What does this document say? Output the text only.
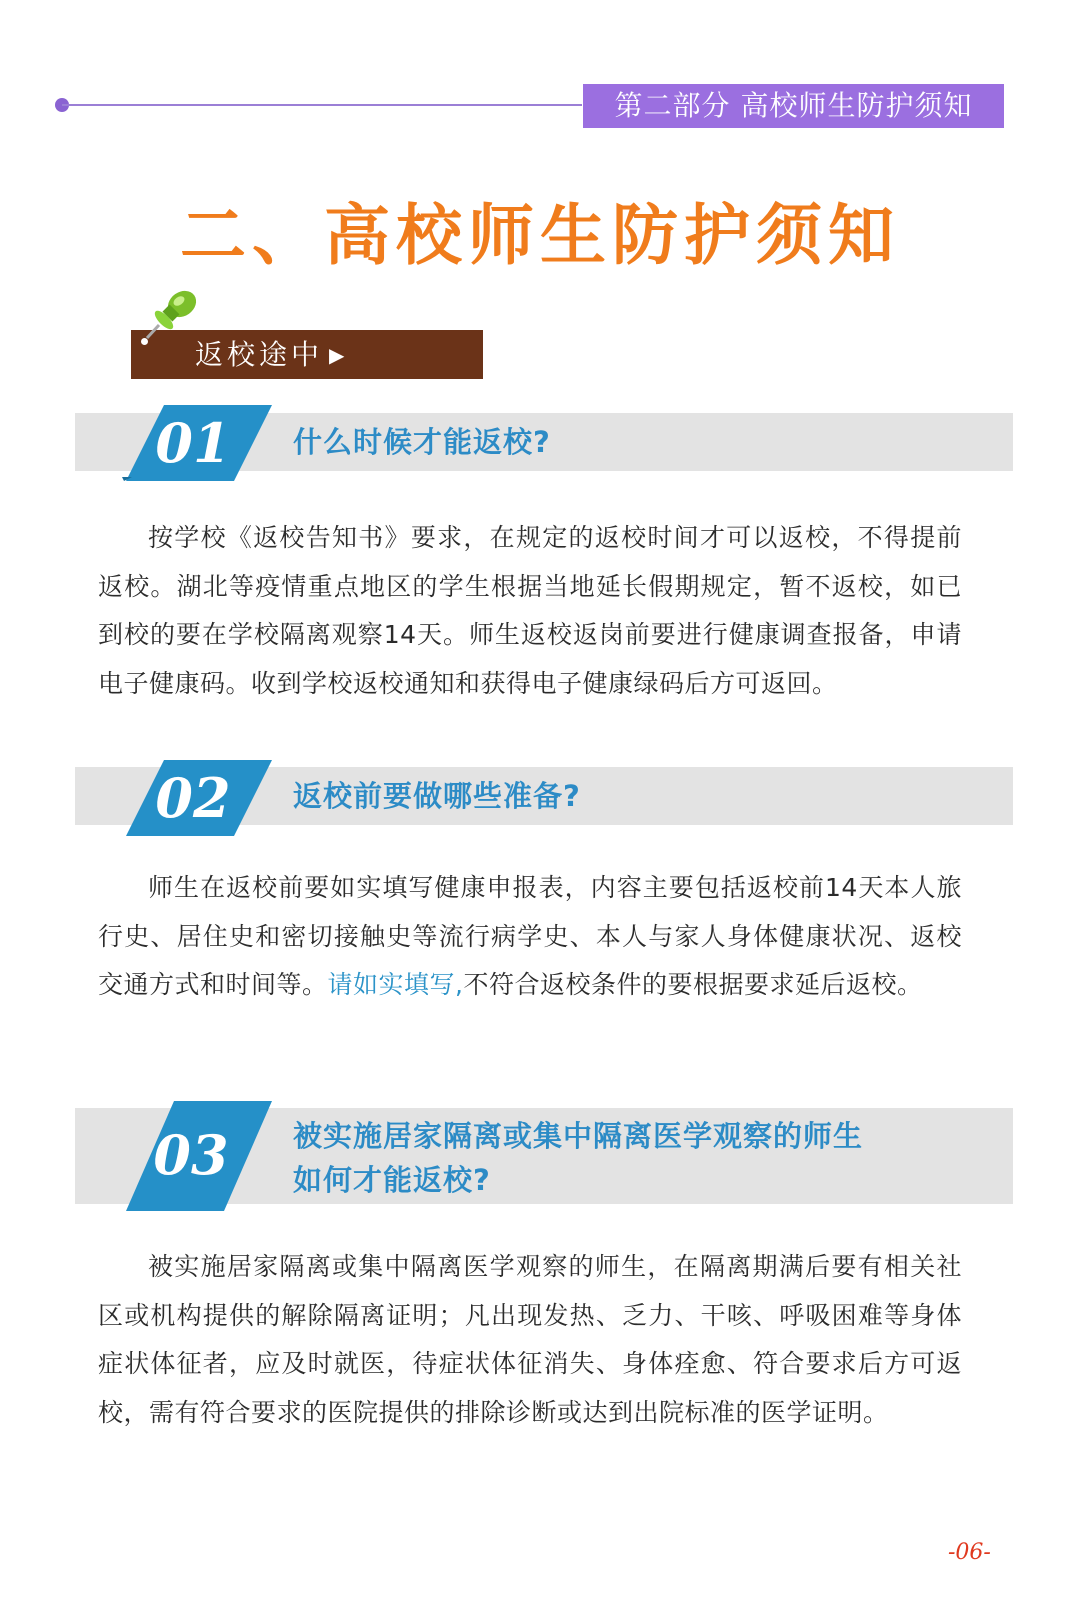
第二部分 高校师生防护须知
二、高校师生防护须知
返校途中 ▶
01	什么时候才能返校?
按学校《返校告知书》要求，在规定的返校时间才可以返校，不得提前返校。湖北等疫情重点地区的学生根据当地延长假期规定，暂不返校，如已到校的要在学校隔离观察14天。师生返校返岗前要进行健康调查报备，申请电子健康码。收到学校返校通知和获得电子健康绿码后方可返回。
02	返校前要做哪些准备?
师生在返校前要如实填写健康申报表，内容主要包括返校前14天本人旅行史、居住史和密切接触史等流行病学史、本人与家人身体健康状况、返校交通方式和时间等。请如实填写,不符合返校条件的要根据要求延后返校。
03	被实施居家隔离或集中隔离医学观察的师生
如何才能返校?
被实施居家隔离或集中隔离医学观察的师生，在隔离期满后要有相关社区或机构提供的解除隔离证明；凡出现发热、乏力、干咳、呼吸困难等身体症状体征者，应及时就医，待症状体征消失、身体痊愈、符合要求后方可返校，需有符合要求的医院提供的排除诊断或达到出院标准的医学证明。
-06-
